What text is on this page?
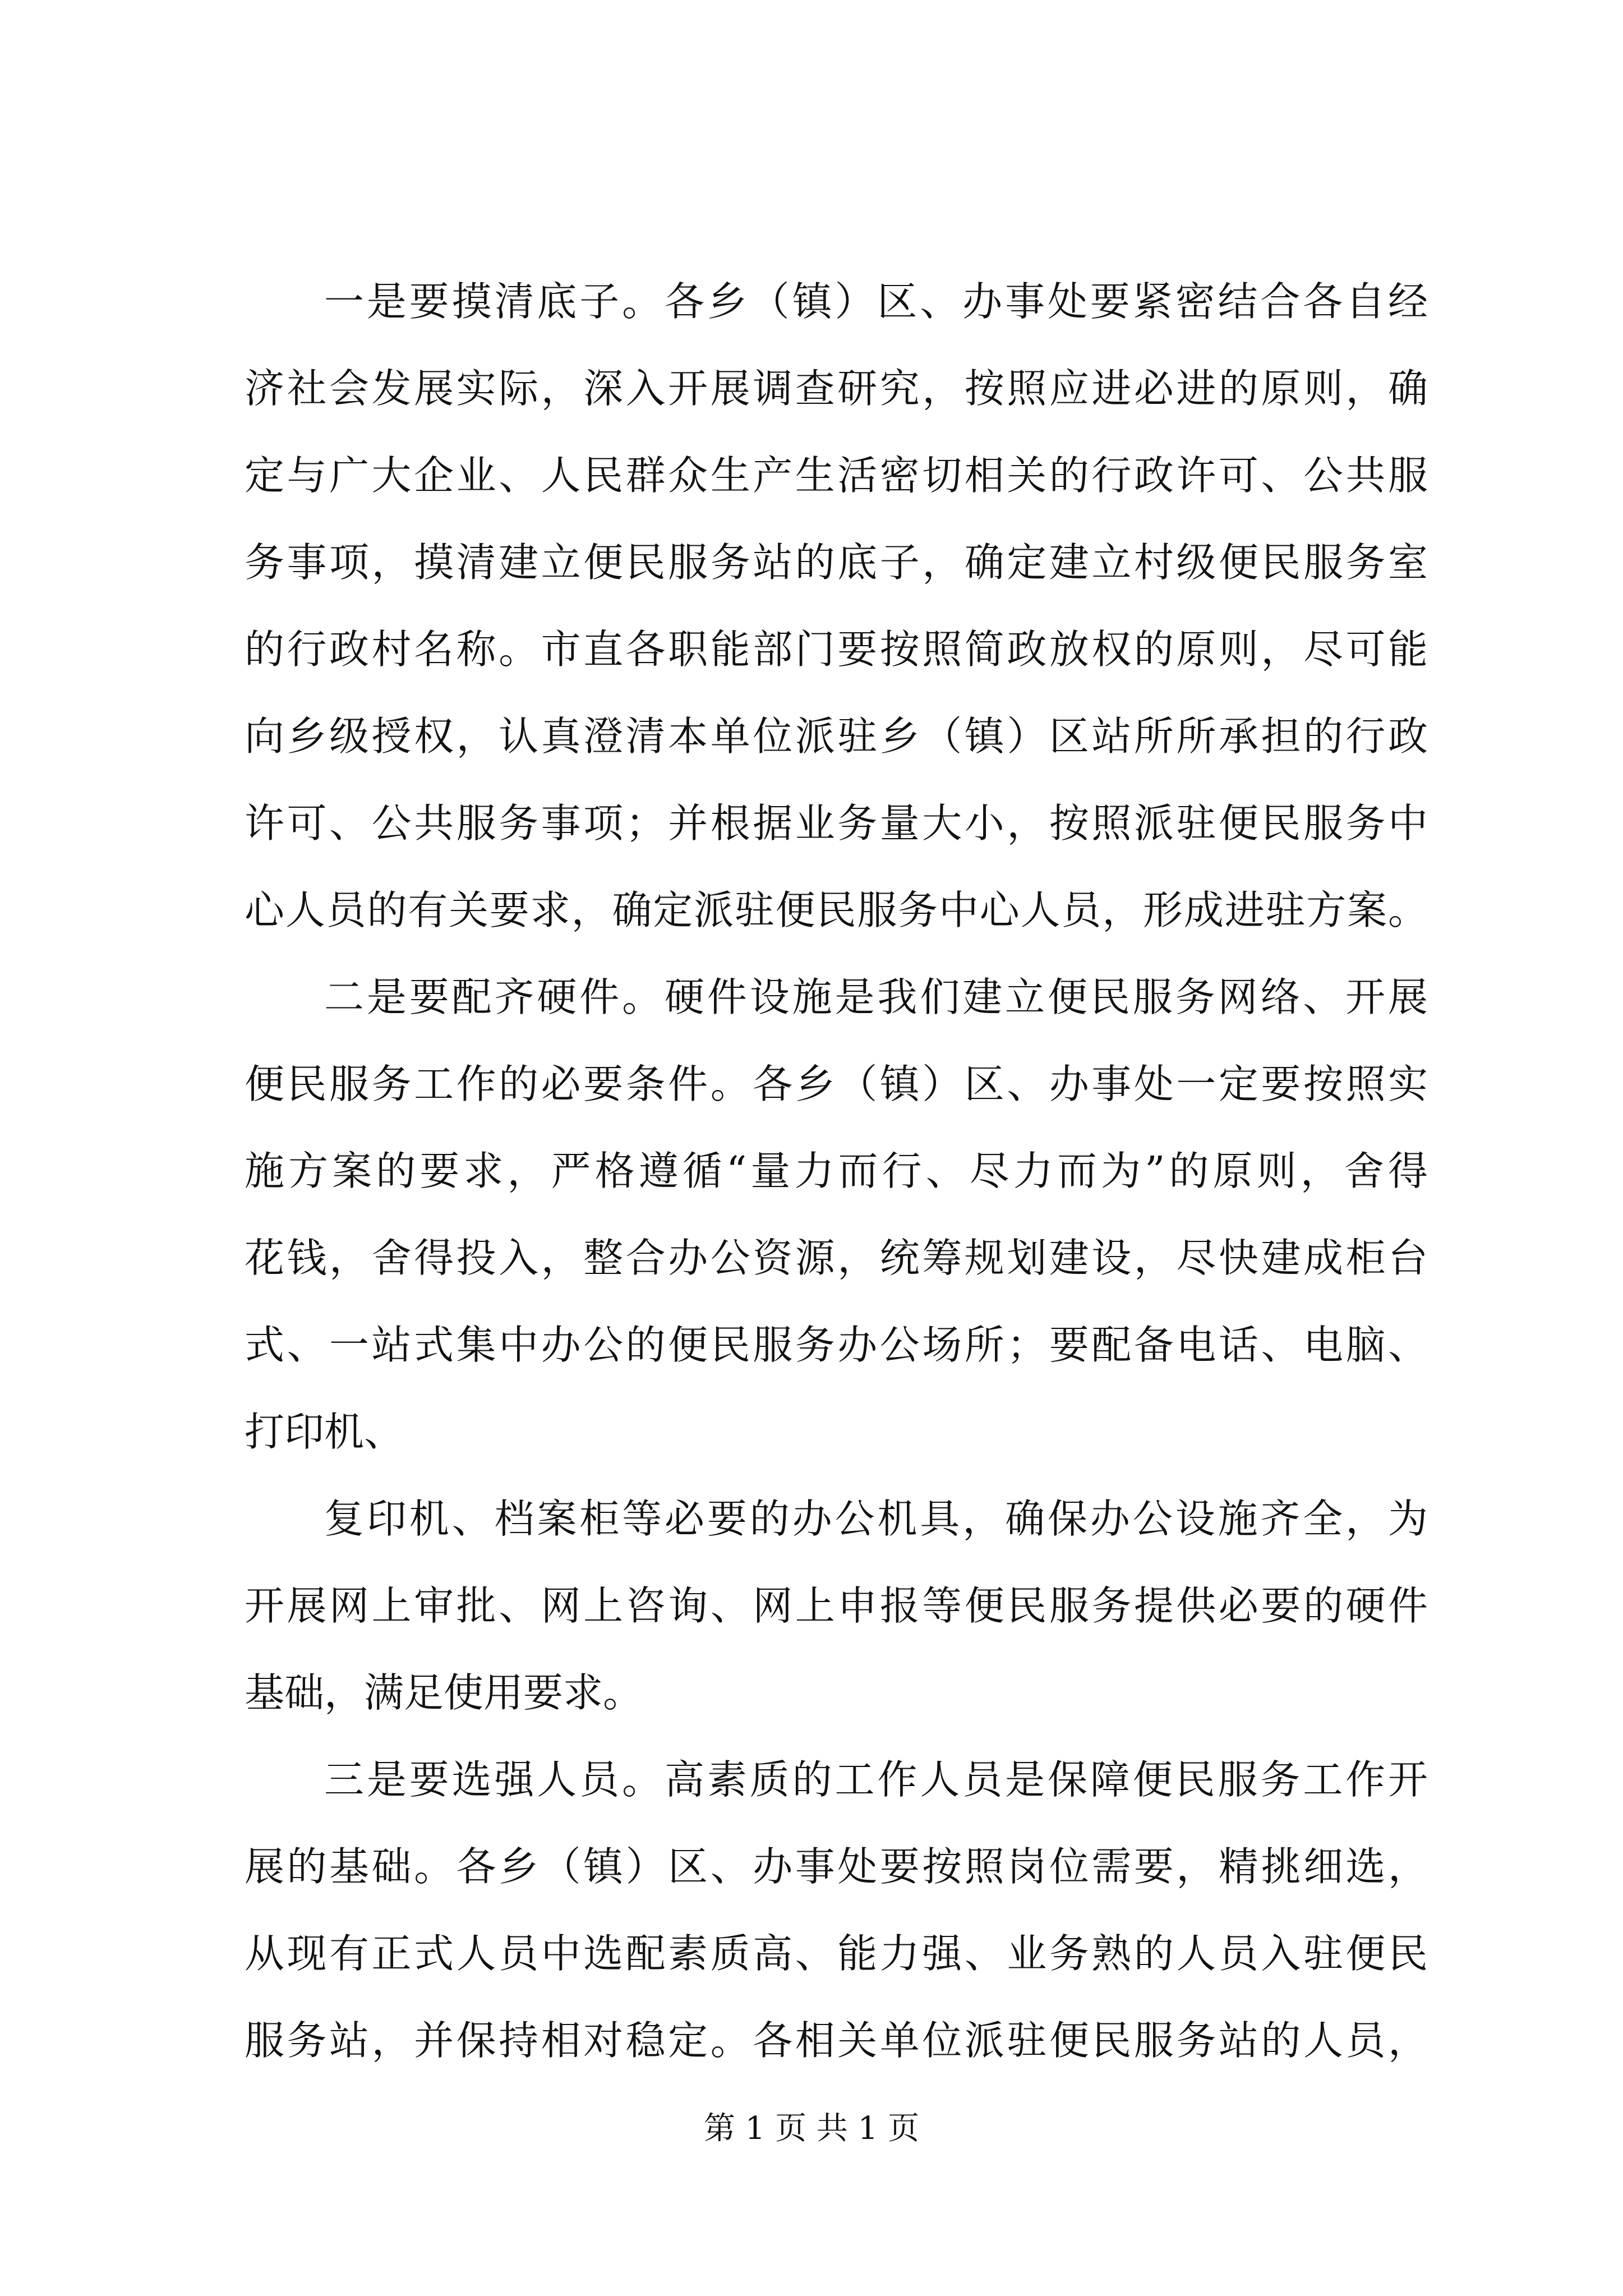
一是要摸清底子。各乡（镇）区、办事处要紧密结合各自经
济社会发展实际，深入开展调查研究，按照应进必进的原则，确
定与广大企业、人民群众生产生活密切相关的行政许可、公共服
务事项，摸清建立便民服务站的底子，确定建立村级便民服务室
的行政村名称。市直各职能部门要按照简政放权的原则，尽可能
向乡级授权，认真澄清本单位派驻乡（镇）区站所所承担的行政
许可、公共服务事项；并根据业务量大小，按照派驻便民服务中
心人员的有关要求，确定派驻便民服务中心人员，形成进驻方案。
二是要配齐硬件。硬件设施是我们建立便民服务网络、开展
便民服务工作的必要条件。各乡（镇）区、办事处一定要按照实
施方案的要求，严格遵循“量力而行、尽力而为”的原则，舍得
花钱，舍得投入，整合办公资源，统筹规划建设，尽快建成柜台
式、一站式集中办公的便民服务办公场所；要配备电话、电脑、
打印机、
复印机、档案柜等必要的办公机具，确保办公设施齐全，为
开展网上审批、网上咨询、网上申报等便民服务提供必要的硬件
基础，满足使用要求。
三是要选强人员。高素质的工作人员是保障便民服务工作开
展的基础。各乡（镇）区、办事处要按照岗位需要，精挑细选，
从现有正式人员中选配素质高、能力强、业务熟的人员入驻便民
服务站，并保持相对稳定。各相关单位派驻便民服务站的人员，
第 1 页 共 1 页
